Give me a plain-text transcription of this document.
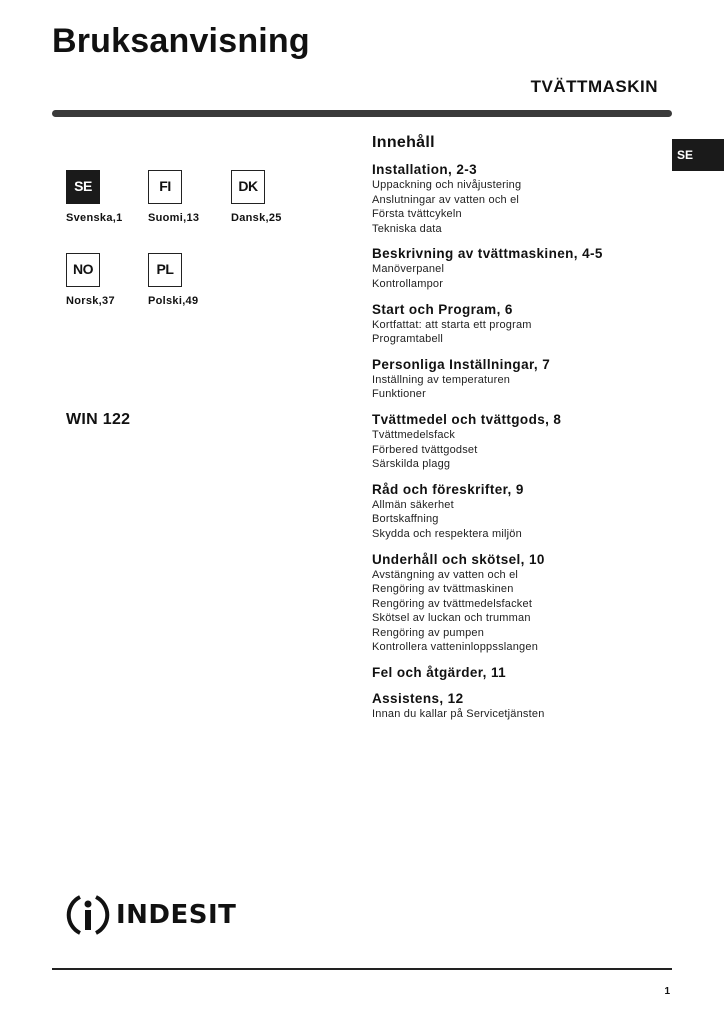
Bruksanvisning
TVÄTTMASKIN
SE
SE
Svenska,1
FI
Suomi,13
DK
Dansk,25
NO
Norsk,37
PL
Polski,49
WIN 122
Innehåll
Installation, 2-3
Uppackning och nivåjustering
Anslutningar av vatten och el
Första tvättcykeln
Tekniska data
Beskrivning av tvättmaskinen, 4-5
Manöverpanel
Kontrollampor
Start och Program, 6
Kortfattat: att starta ett program
Programtabell
Personliga Inställningar, 7
Inställning av temperaturen
Funktioner
Tvättmedel och tvättgods, 8
Tvättmedelsfack
Förbered tvättgodset
Särskilda plagg
Råd och föreskrifter, 9
Allmän säkerhet
Bortskaffning
Skydda och respektera miljön
Underhåll och skötsel, 10
Avstängning av vatten och el
Rengöring av tvättmaskinen
Rengöring av tvättmedelsfacket
Skötsel av luckan och trumman
Rengöring av pumpen
Kontrollera vatteninloppsslangen
Fel och åtgärder, 11
Assistens, 12
Innan du kallar på Servicetjänsten
INDESIT
1
